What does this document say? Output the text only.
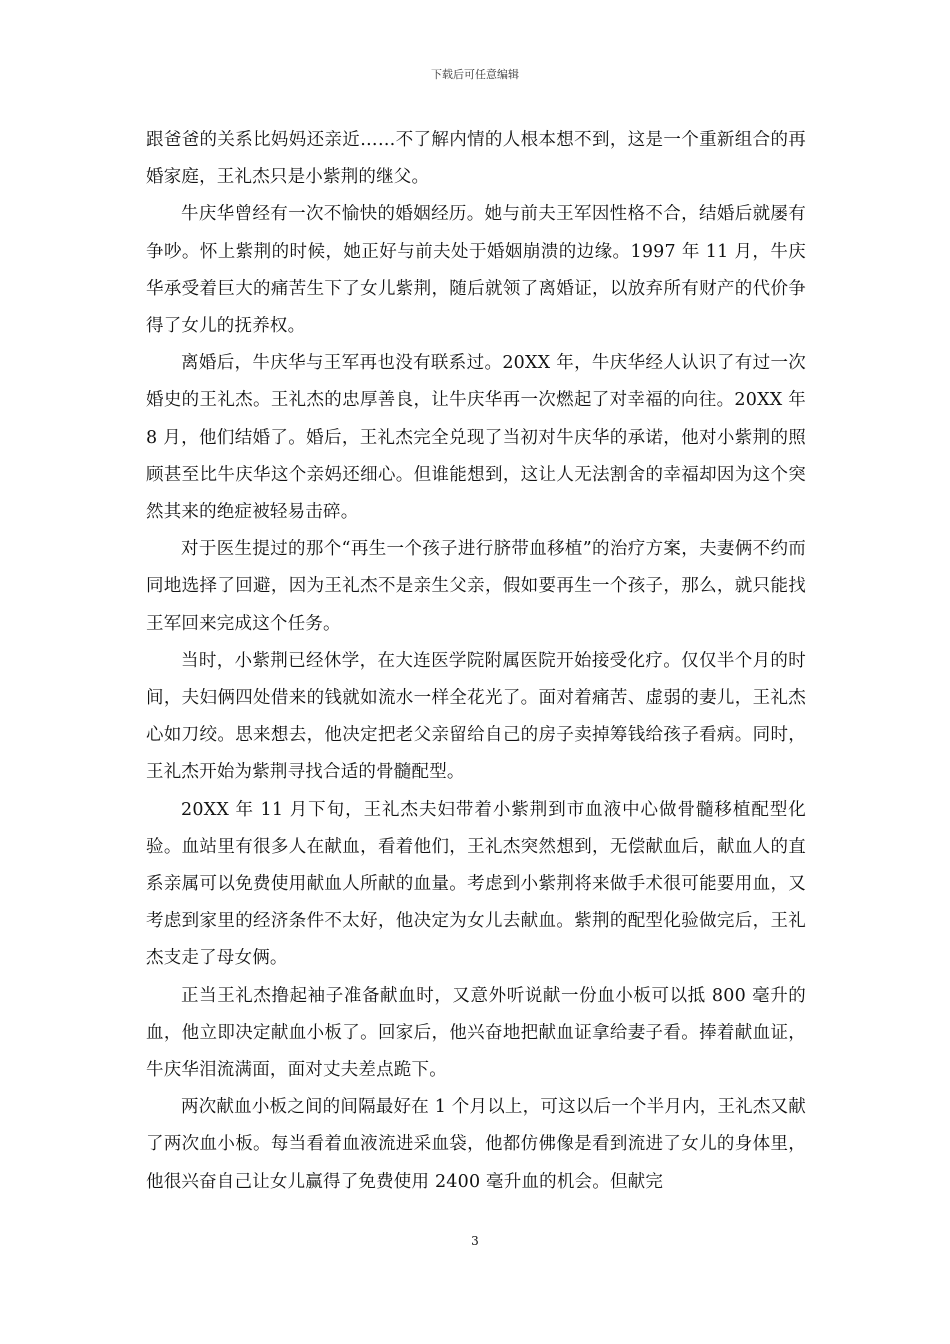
下载后可任意编辑

跟爸爸的关系比妈妈还亲近……不了解内情的人根本想不到，这是一个重新组合的再婚家庭，王礼杰只是小紫荆的继父。

牛庆华曾经有一次不愉快的婚姻经历。她与前夫王军因性格不合，结婚后就屡有争吵。怀上紫荆的时候，她正好与前夫处于婚姻崩溃的边缘。1997 年 11 月，牛庆华承受着巨大的痛苦生下了女儿紫荆，随后就领了离婚证，以放弃所有财产的代价争得了女儿的抚养权。

离婚后，牛庆华与王军再也没有联系过。20XX 年，牛庆华经人认识了有过一次婚史的王礼杰。王礼杰的忠厚善良，让牛庆华再一次燃起了对幸福的向往。20XX 年 8 月，他们结婚了。婚后，王礼杰完全兑现了当初对牛庆华的承诺，他对小紫荆的照顾甚至比牛庆华这个亲妈还细心。但谁能想到，这让人无法割舍的幸福却因为这个突然其来的绝症被轻易击碎。

对于医生提过的那个“再生一个孩子进行脐带血移植”的治疗方案，夫妻俩不约而同地选择了回避，因为王礼杰不是亲生父亲，假如要再生一个孩子，那么，就只能找王军回来完成这个任务。

当时，小紫荆已经休学，在大连医学院附属医院开始接受化疗。仅仅半个月的时间，夫妇俩四处借来的钱就如流水一样全花光了。面对着痛苦、虚弱的妻儿，王礼杰心如刀绞。思来想去，他决定把老父亲留给自己的房子卖掉筹钱给孩子看病。同时，王礼杰开始为紫荆寻找合适的骨髓配型。

20XX 年 11 月下旬，王礼杰夫妇带着小紫荆到市血液中心做骨髓移植配型化验。血站里有很多人在献血，看着他们，王礼杰突然想到，无偿献血后，献血人的直系亲属可以免费使用献血人所献的血量。考虑到小紫荆将来做手术很可能要用血，又考虑到家里的经济条件不太好，他决定为女儿去献血。紫荆的配型化验做完后，王礼杰支走了母女俩。

正当王礼杰撸起袖子准备献血时，又意外听说献一份血小板可以抵 800 毫升的血，他立即决定献血小板了。回家后，他兴奋地把献血证拿给妻子看。捧着献血证，牛庆华泪流满面，面对丈夫差点跪下。

两次献血小板之间的间隔最好在 1 个月以上，可这以后一个半月内，王礼杰又献了两次血小板。每当看着血液流进采血袋，他都仿佛像是看到流进了女儿的身体里，他很兴奋自己让女儿赢得了免费使用 2400 毫升血的机会。但献完

3
